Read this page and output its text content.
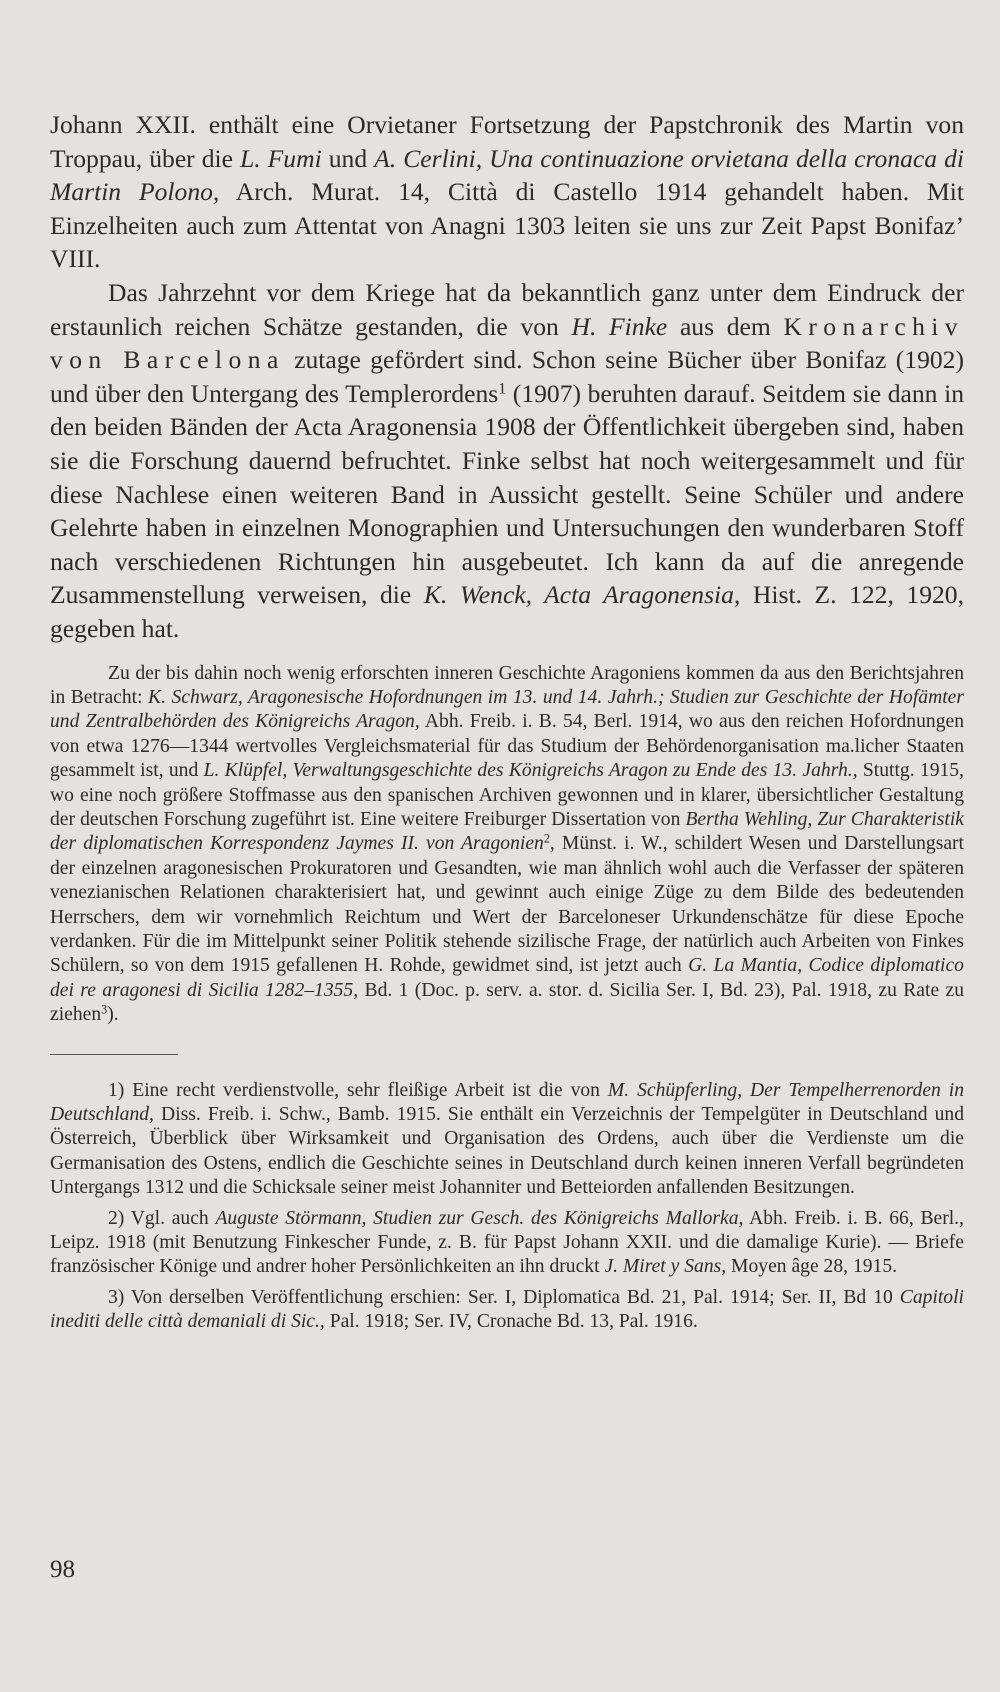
Johann XXII. enthält eine Orvietaner Fortsetzung der Papstchronik des Martin von Troppau, über die L. Fumi und A. Cerlini, Una continuazione orvietana della cronaca di Martin Polono, Arch. Murat. 14, Città di Castello 1914 gehandelt haben. Mit Einzelheiten auch zum Attentat von Anagni 1303 leiten sie uns zur Zeit Papst Bonifaz’ VIII.

Das Jahrzehnt vor dem Kriege hat da bekanntlich ganz unter dem Eindruck der erstaunlich reichen Schätze gestanden, die von H. Finke aus dem Kronarchiv von Barcelona zutage gefördert sind. Schon seine Bücher über Bonifaz (1902) und über den Untergang des Templerordens$^1$ (1907) beruhten darauf. Seitdem sie dann in den beiden Bänden der Acta Aragonensia 1908 der Öffentlichkeit übergeben sind, haben sie die Forschung dauernd befruchtet. Finke selbst hat noch weitergesammelt und für diese Nachlese einen weiteren Band in Aussicht gestellt. Seine Schüler und andere Gelehrte haben in einzelnen Monographien und Untersuchungen den wunderbaren Stoff nach verschiedenen Richtungen hin ausgebeutet. Ich kann da auf die anregende Zusammenstellung verweisen, die K. Wenck, Acta Aragonensia, Hist. Z. 122, 1920, gegeben hat.

Zu der bis dahin noch wenig erforschten inneren Geschichte Aragoniens kommen da aus den Berichtsjahren in Betracht: K. Schwarz, Aragonesische Hofordnungen im 13. und 14. Jahrh.; Studien zur Geschichte der Hofämter und Zentralbehörden des Königreichs Aragon, Abh. Freib. i. B. 54, Berl. 1914, wo aus den reichen Hofordnungen von etwa 1276—1344 wertvolles Vergleichsmaterial für das Studium der Behördenorganisation ma.licher Staaten gesammelt ist, und L. Klüpfel, Verwaltungsgeschichte des Königreichs Aragon zu Ende des 13. Jahrh., Stuttg. 1915, wo eine noch größere Stoffmasse aus den spanischen Archiven gewonnen und in klarer, übersichtlicher Gestaltung der deutschen Forschung zugeführt ist. Eine weitere Freiburger Dissertation von Bertha Wehling, Zur Charakteristik der diplomatischen Korrespondenz Jaymes II. von Aragonien$^2$, Münst. i. W., schildert Wesen und Darstellungsart der einzelnen aragonesischen Prokuratoren und Gesandten, wie man ähnlich wohl auch die Verfasser der späteren venezianischen Relationen charakterisiert hat, und gewinnt auch einige Züge zu dem Bilde des bedeutenden Herrschers, dem wir vornehmlich Reichtum und Wert der Barceloneser Urkundenschätze für diese Epoche verdanken. Für die im Mittelpunkt seiner Politik stehende sizilische Frage, der natürlich auch Arbeiten von Finkes Schülern, so von dem 1915 gefallenen H. Rohde, gewidmet sind, ist jetzt auch G. La Mantia, Codice diplomatico dei re aragonesi di Sicilia 1282–1355, Bd. 1 (Doc. p. serv. a. stor. d. Sicilia Ser. I, Bd. 23), Pal. 1918, zu Rate zu ziehen$^3$).

1) Eine recht verdienstvolle, sehr fleißige Arbeit ist die von M. Schüpferling, Der Tempelherrenorden in Deutschland, Diss. Freib. i. Schw., Bamb. 1915. Sie enthält ein Verzeichnis der Tempelgüter in Deutschland und Österreich, Überblick über Wirksamkeit und Organisation des Ordens, auch über die Verdienste um die Germanisation des Ostens, endlich die Geschichte seines in Deutschland durch keinen inneren Verfall begründeten Untergangs 1312 und die Schicksale seiner meist Johanniter und Betteiorden anfallenden Besitzungen.

2) Vgl. auch Auguste Störmann, Studien zur Gesch. des Königreichs Mallorka, Abh. Freib. i. B. 66, Berl., Leipz. 1918 (mit Benutzung Finkescher Funde, z. B. für Papst Johann XXII. und die damalige Kurie). — Briefe französischer Könige und andrer hoher Persönlichkeiten an ihn druckt J. Miret y Sans, Moyen âge 28, 1915.

3) Von derselben Veröffentlichung erschien: Ser. I, Diplomatica Bd. 21, Pal. 1914; Ser. II, Bd 10 Capitoli inediti delle città demaniali di Sic., Pal. 1918; Ser. IV, Cronache Bd. 13, Pal. 1916.

98
